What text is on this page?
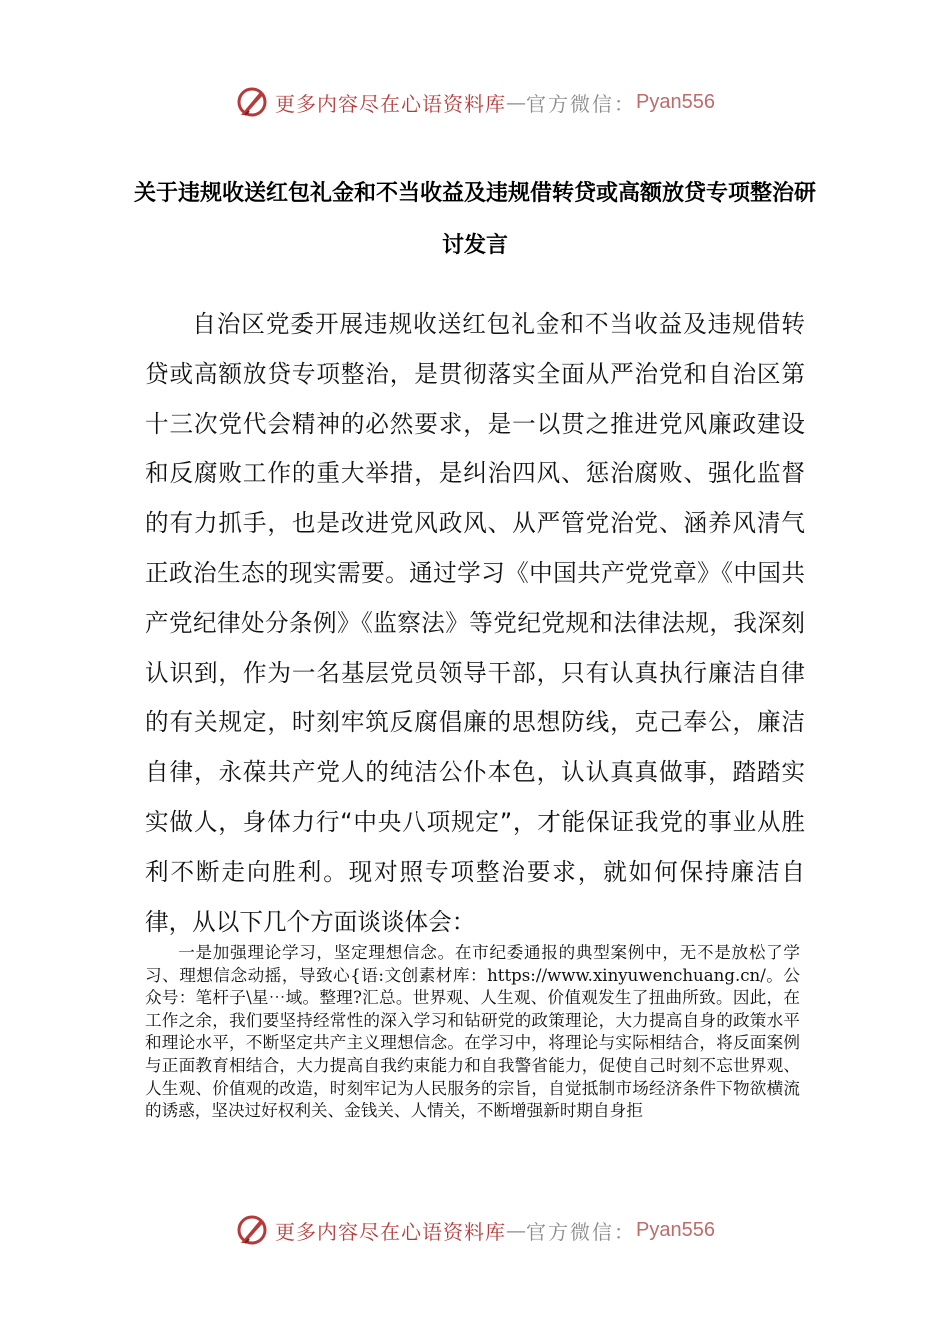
更多内容尽在心语资料库 — 官方微信： Pyan556
关于违规收送红包礼金和不当收益及违规借转贷或高额放贷专项整治研讨发言

自治区党委开展违规收送红包礼金和不当收益及违规借转贷或高额放贷专项整治，是贯彻落实全面从严治党和自治区第十三次党代会精神的必然要求，是一以贯之推进党风廉政建设和反腐败工作的重大举措，是纠治四风、惩治腐败、强化监督的有力抓手，也是改进党风政风、从严管党治党、涵养风清气正政治生态的现实需要。通过学习《中国共产党党章》《中国共产党纪律处分条例》《监察法》等党纪党规和法律法规，我深刻认识到，作为一名基层党员领导干部，只有认真执行廉洁自律的有关规定，时刻牢筑反腐倡廉的思想防线，克己奉公，廉洁自律，永葆共产党人的纯洁公仆本色，认认真真做事，踏踏实实做人，身体力行“中央八项规定”，才能保证我党的事业从胜利不断走向胜利。现对照专项整治要求，就如何保持廉洁自律，从以下几个方面谈谈体会：

一是加强理论学习，坚定理想信念。在市纪委通报的典型案例中，无不是放松了学习、理想信念动摇，导致心{语:文创素材库：https://www.xinyuwenchuang.cn/。公众号：笔杆子\星⋯域。整理?汇总。世界观、人生观、价值观发生了扭曲所致。因此，在工作之余，我们要坚持经常性的深入学习和钻研党的政策理论，大力提高自身的政策水平和理论水平，不断坚定共产主义理想信念。在学习中，将理论与实际相结合，将反面案例与正面教育相结合，大力提高自我约束能力和自我警省能力，促使自己时刻不忘世界观、人生观、价值观的改造，时刻牢记为人民服务的宗旨，自觉抵制市场经济条件下物欲横流的诱惑，坚决过好权利关、金钱关、人情关，不断增强新时期自身拒

更多内容尽在心语资料库 — 官方微信： Pyan556
